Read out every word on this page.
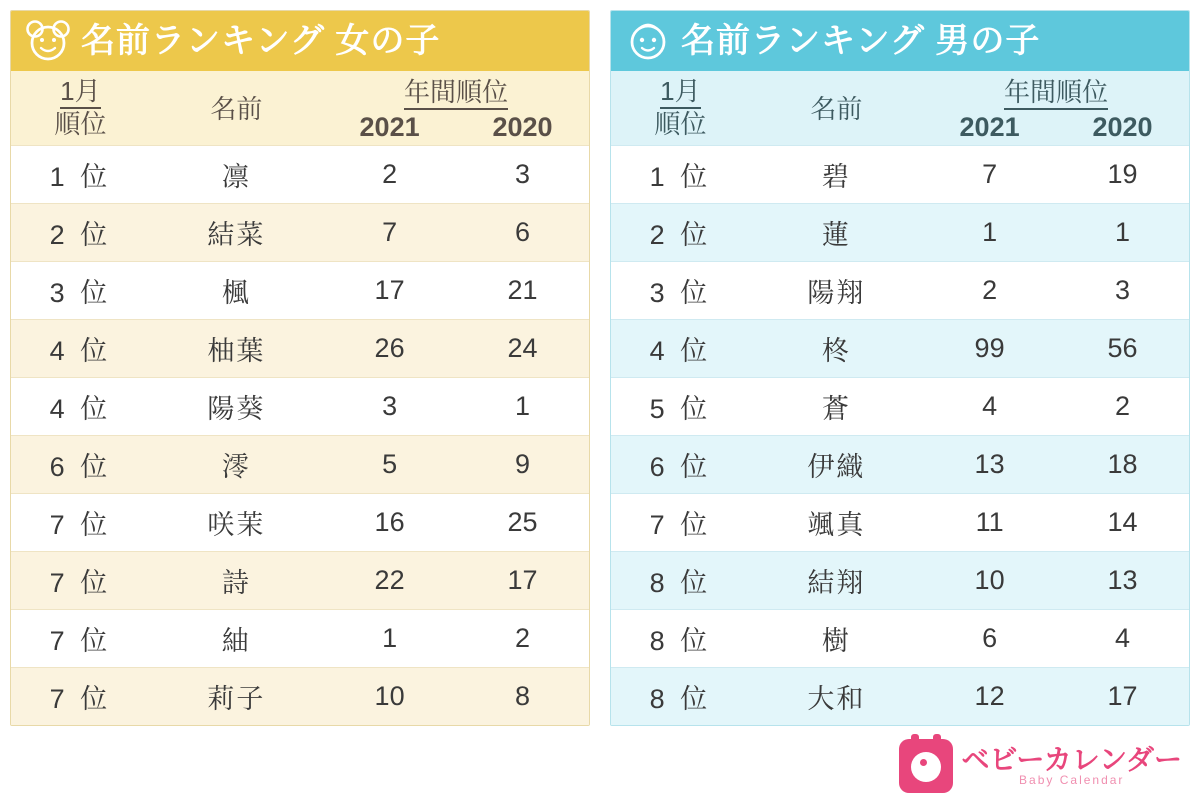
名前ランキング 女の子
1月
順位	名前	年間順位	
		2021	2020
1 位	凛	2	3
2 位	結菜	7	6
3 位	楓	17	21
4 位	柚葉	26	24
4 位	陽葵	3	1
6 位	澪	5	9
7 位	咲茉	16	25
7 位	詩	22	17
7 位	紬	1	2
7 位	莉子	10	8
名前ランキング 男の子
1月
順位	名前	年間順位	
		2021	2020
1 位	碧	7	19
2 位	蓮	1	1
3 位	陽翔	2	3
4 位	柊	99	56
5 位	蒼	4	2
6 位	伊織	13	18
7 位	颯真	11	14
8 位	結翔	10	13
8 位	樹	6	4
8 位	大和	12	17
ベビーカレンダー
Baby Calendar
